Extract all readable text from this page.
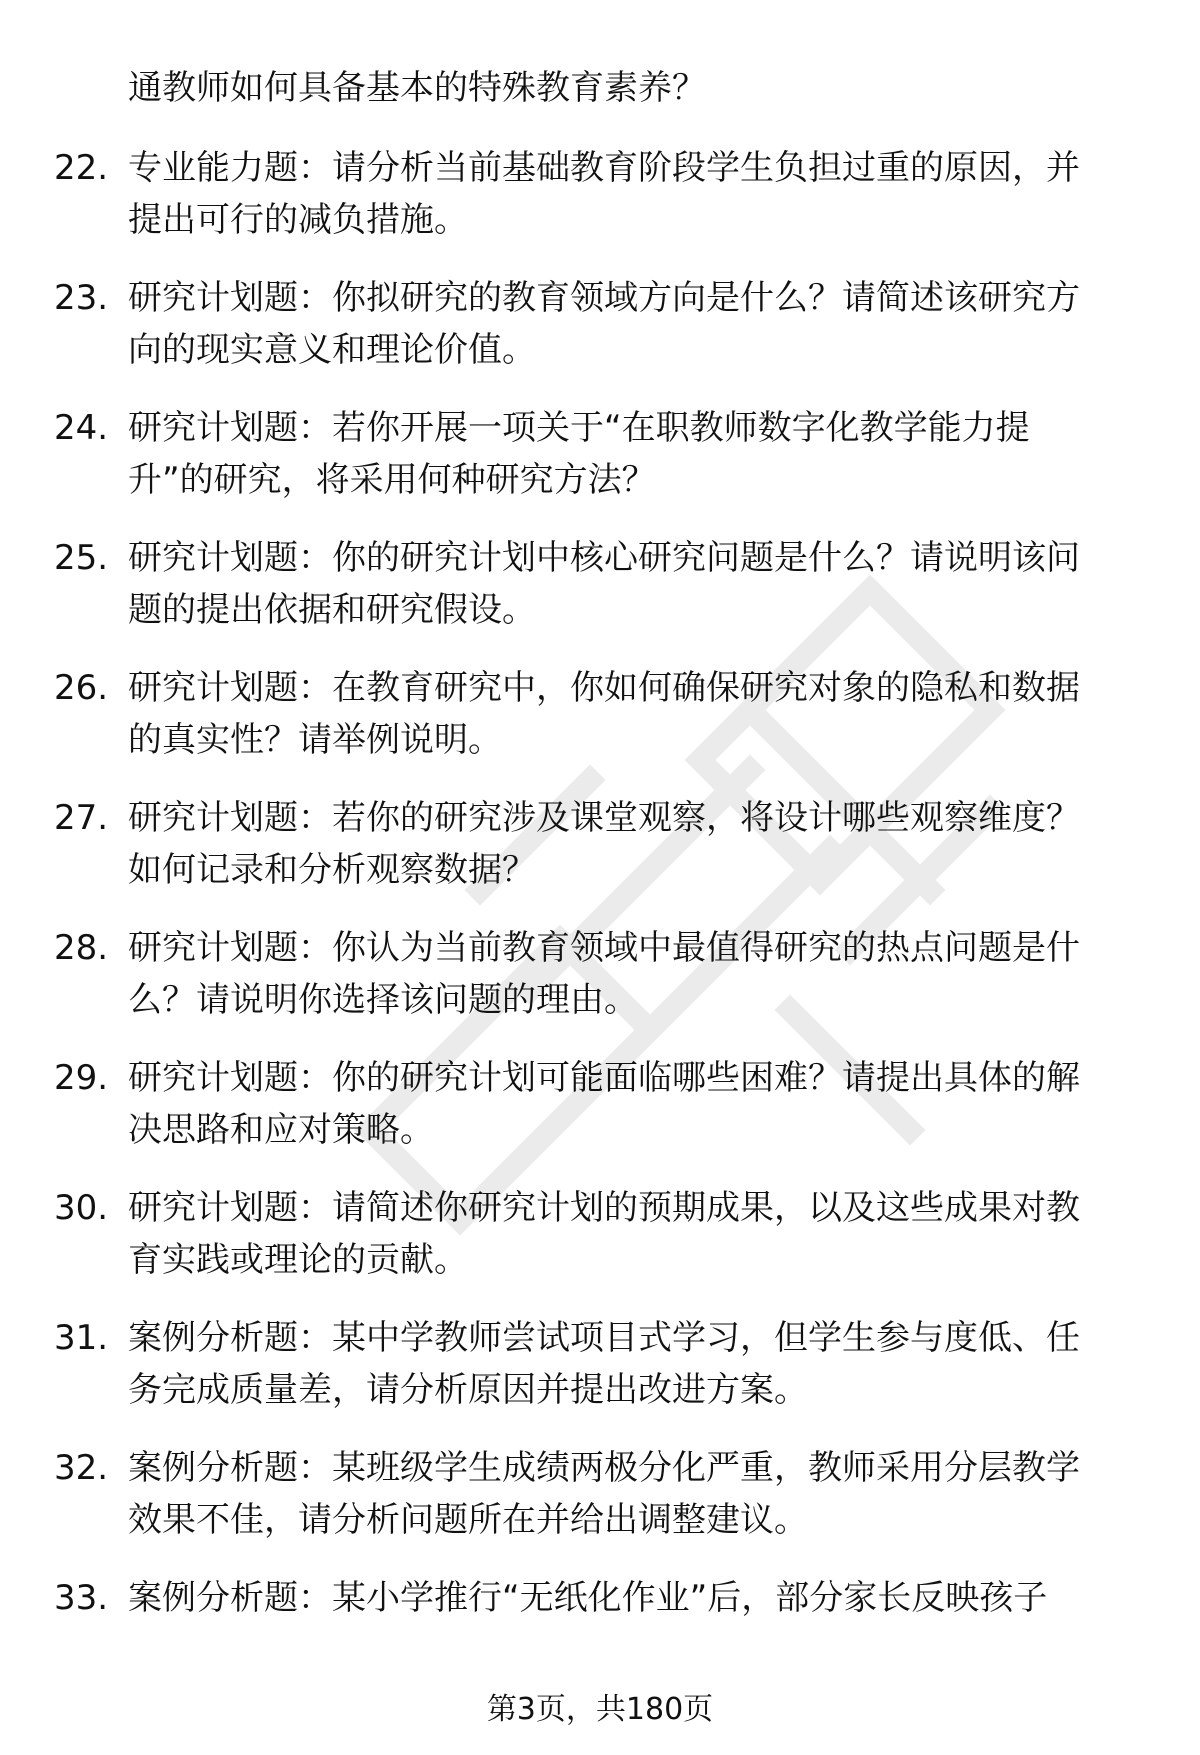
通教师如何具备基本的特殊教育素养？

22. 专业能力题：请分析当前基础教育阶段学生负担过重的原因，并
提出可行的减负措施。
23. 研究计划题：你拟研究的教育领域方向是什么？请简述该研究方
向的现实意义和理论价值。
24. 研究计划题：若你开展一项关于“在职教师数字化教学能力提
升”的研究，将采用何种研究方法？
25. 研究计划题：你的研究计划中核心研究问题是什么？请说明该问
题的提出依据和研究假设。
26. 研究计划题：在教育研究中，你如何确保研究对象的隐私和数据
的真实性？请举例说明。
27. 研究计划题：若你的研究涉及课堂观察，将设计哪些观察维度？
如何记录和分析观察数据？
28. 研究计划题：你认为当前教育领域中最值得研究的热点问题是什
么？请说明你选择该问题的理由。
29. 研究计划题：你的研究计划可能面临哪些困难？请提出具体的解
决思路和应对策略。
30. 研究计划题：请简述你研究计划的预期成果，以及这些成果对教
育实践或理论的贡献。
31. 案例分析题：某中学教师尝试项目式学习，但学生参与度低、任
务完成质量差，请分析原因并提出改进方案。
32. 案例分析题：某班级学生成绩两极分化严重，教师采用分层教学
效果不佳，请分析问题所在并给出调整建议。
33. 案例分析题：某小学推行“无纸化作业”后，部分家长反映孩子
第3页，共180页
